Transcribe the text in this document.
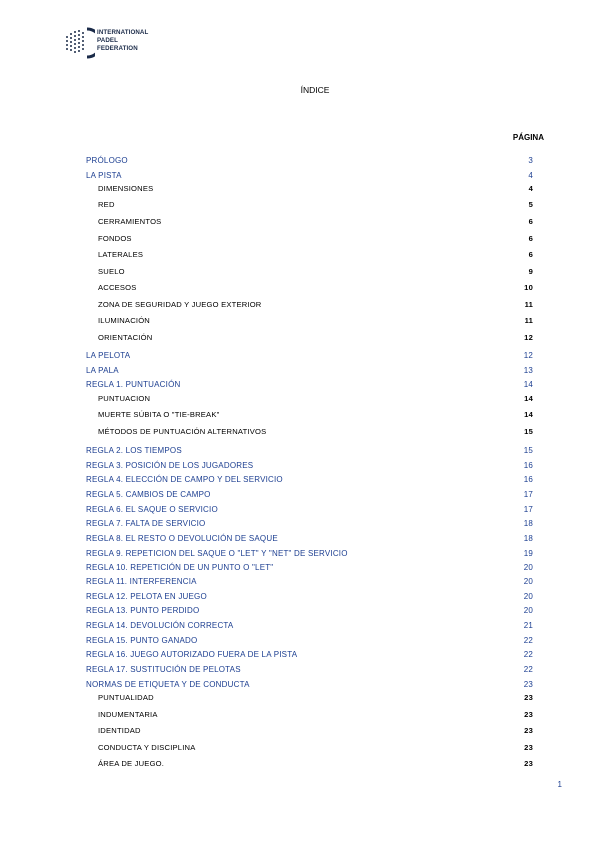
INTERNATIONAL
PADEL
FEDERATION
ÍNDICE
PÁGINA
PRÓLOGO	3
LA PISTA	4
DIMENSIONES	4
RED	5
CERRAMIENTOS	6
FONDOS	6
LATERALES	6
SUELO	9
ACCESOS	10
ZONA DE SEGURIDAD Y JUEGO EXTERIOR	11
ILUMINACIÓN	11
ORIENTACIÓN	12
LA PELOTA	12
LA PALA	13
REGLA 1. PUNTUACIÓN	14
PUNTUACION	14
MUERTE SÚBITA O "TIE-BREAK"	14
MÉTODOS DE PUNTUACIÓN ALTERNATIVOS	15
REGLA 2. LOS TIEMPOS	15
REGLA 3. POSICIÓN DE LOS JUGADORES	16
REGLA 4. ELECCIÓN DE CAMPO Y DEL SERVICIO	16
REGLA 5. CAMBIOS DE CAMPO	17
REGLA 6. EL SAQUE O SERVICIO	17
REGLA 7. FALTA DE SERVICIO	18
REGLA 8. EL RESTO O DEVOLUCIÓN DE SAQUE	18
REGLA 9. REPETICION DEL SAQUE O "LET" Y "NET" DE SERVICIO	19
REGLA 10. REPETICIÓN DE UN PUNTO O "LET"	20
REGLA 11. INTERFERENCIA	20
REGLA 12. PELOTA EN JUEGO	20
REGLA 13. PUNTO PERDIDO	20
REGLA 14. DEVOLUCIÓN CORRECTA	21
REGLA 15. PUNTO GANADO	22
REGLA 16. JUEGO AUTORIZADO FUERA DE LA PISTA	22
REGLA 17. SUSTITUCIÓN DE PELOTAS	22
NORMAS DE ETIQUETA Y DE CONDUCTA	23
PUNTUALIDAD	23
INDUMENTARIA	23
IDENTIDAD	23
CONDUCTA Y DISCIPLINA	23
ÁREA DE JUEGO.	23
1
